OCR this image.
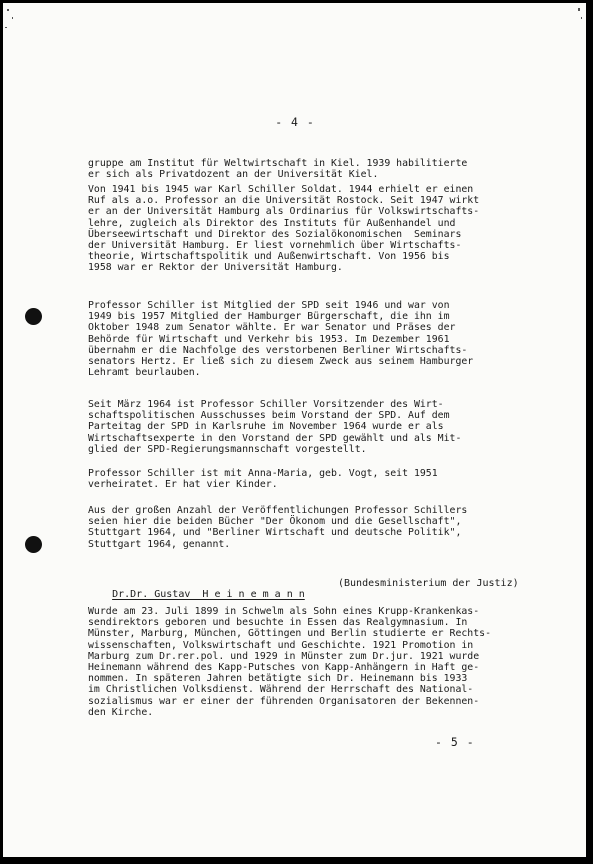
- 4 -
gruppe am Institut für Weltwirtschaft in Kiel. 1939 habilitierte
er sich als Privatdozent an der Universität Kiel.
Von 1941 bis 1945 war Karl Schiller Soldat. 1944 erhielt er einen
Ruf als a.o. Professor an die Universität Rostock. Seit 1947 wirkt
er an der Universität Hamburg als Ordinarius für Volkswirtschafts-
lehre, zugleich als Direktor des Instituts für Außenhandel und
Überseewirtschaft und Direktor des Sozialökonomischen  Seminars
der Universität Hamburg. Er liest vornehmlich über Wirtschafts-
theorie, Wirtschaftspolitik und Außenwirtschaft. Von 1956 bis
1958 war er Rektor der Universität Hamburg.
Professor Schiller ist Mitglied der SPD seit 1946 und war von
1949 bis 1957 Mitglied der Hamburger Bürgerschaft, die ihn im
Oktober 1948 zum Senator wählte. Er war Senator und Präses der
Behörde für Wirtschaft und Verkehr bis 1953. Im Dezember 1961
übernahm er die Nachfolge des verstorbenen Berliner Wirtschafts-
senators Hertz. Er ließ sich zu diesem Zweck aus seinem Hamburger
Lehramt beurlauben.
Seit März 1964 ist Professor Schiller Vorsitzender des Wirt-
schaftspolitischen Ausschusses beim Vorstand der SPD. Auf dem
Parteitag der SPD in Karlsruhe im November 1964 wurde er als
Wirtschaftsexperte in den Vorstand der SPD gewählt und als Mit-
glied der SPD-Regierungsmannschaft vorgestellt.
Professor Schiller ist mit Anna-Maria, geb. Vogt, seit 1951
verheiratet. Er hat vier Kinder.
Aus der großen Anzahl der Veröffentlichungen Professor Schillers
seien hier die beiden Bücher "Der Ökonom und die Gesellschaft",
Stuttgart 1964, und "Berliner Wirtschaft und deutsche Politik",
Stuttgart 1964, genannt.

Dr.Dr. Gustav  H e i n e m a n n

(Bundesministerium der Justiz)

Wurde am 23. Juli 1899 in Schwelm als Sohn eines Krupp-Krankenkas-
sendirektors geboren und besuchte in Essen das Realgymnasium. In
Münster, Marburg, München, Göttingen und Berlin studierte er Rechts-
wissenschaften, Volkswirtschaft und Geschichte. 1921 Promotion in
Marburg zum Dr.rer.pol. und 1929 in Münster zum Dr.jur. 1921 wurde
Heinemann während des Kapp-Putsches von Kapp-Anhängern in Haft ge-
nommen. In späteren Jahren betätigte sich Dr. Heinemann bis 1933
im Christlichen Volksdienst. Während der Herrschaft des National-
sozialismus war er einer der führenden Organisatoren der Bekennen-
den Kirche.
- 5 -
